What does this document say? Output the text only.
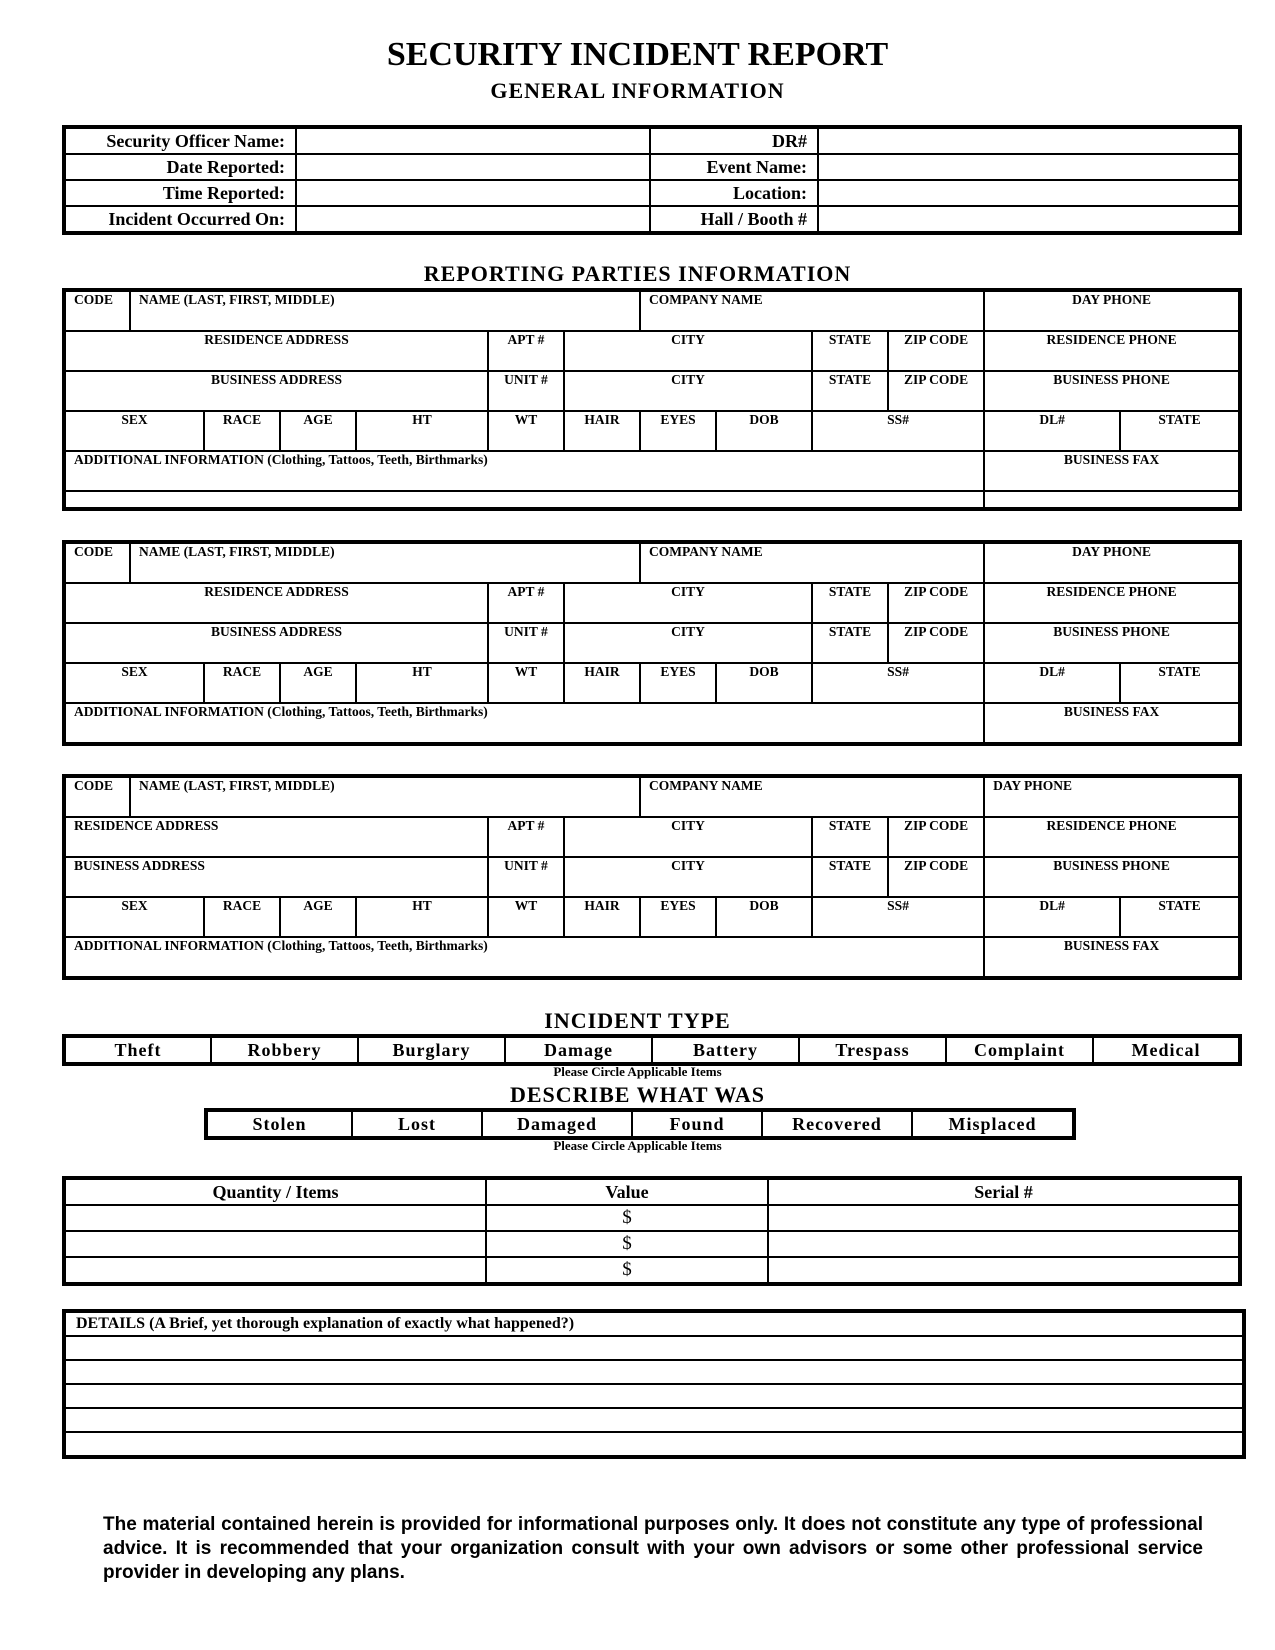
SECURITY INCIDENT REPORT
GENERAL INFORMATION
Security Officer Name:		DR#	
Date Reported:		Event Name:	
Time Reported:		Location:	
Incident Occurred On:		Hall / Booth #	
REPORTING PARTIES INFORMATION
CODE	NAME (LAST, FIRST, MIDDLE)						COMPANY NAME				DAY PHONE	
RESIDENCE ADDRESS					APT #	CITY			STATE	ZIP CODE	RESIDENCE PHONE	
BUSINESS ADDRESS					UNIT #	CITY			STATE	ZIP CODE	BUSINESS PHONE	
SEX		RACE	AGE	HT	WT	HAIR	EYES	DOB	SS#		DL#	STATE
ADDITIONAL INFORMATION (Clothing, Tattoos, Teeth, Birthmarks)											BUSINESS FAX	

CODE	NAME (LAST, FIRST, MIDDLE)						COMPANY NAME				DAY PHONE	
RESIDENCE ADDRESS					APT #	CITY			STATE	ZIP CODE	RESIDENCE PHONE	
BUSINESS ADDRESS					UNIT #	CITY			STATE	ZIP CODE	BUSINESS PHONE	
SEX		RACE	AGE	HT	WT	HAIR	EYES	DOB	SS#		DL#	STATE
ADDITIONAL INFORMATION (Clothing, Tattoos, Teeth, Birthmarks)											BUSINESS FAX	
CODE	NAME (LAST, FIRST, MIDDLE)						COMPANY NAME				DAY PHONE	
RESIDENCE ADDRESS					APT #	CITY			STATE	ZIP CODE	RESIDENCE PHONE	
BUSINESS ADDRESS					UNIT #	CITY			STATE	ZIP CODE	BUSINESS PHONE	
SEX		RACE	AGE	HT	WT	HAIR	EYES	DOB	SS#		DL#	STATE
ADDITIONAL INFORMATION (Clothing, Tattoos, Teeth, Birthmarks)											BUSINESS FAX	
INCIDENT TYPE
Theft	Robbery	Burglary	Damage	Battery	Trespass	Complaint	Medical
Please Circle Applicable Items
DESCRIBE WHAT WAS
Stolen	Lost	Damaged	Found	Recovered	Misplaced
Please Circle Applicable Items
Quantity / Items	Value	Serial #
	$	
	$	
	$	
DETAILS (A Brief, yet thorough explanation of exactly what happened?)

The material contained herein is provided for informational purposes only. It does not constitute any type of professional advice. It is recommended that your organization consult with your own advisors or some other professional service provider in developing any plans.
